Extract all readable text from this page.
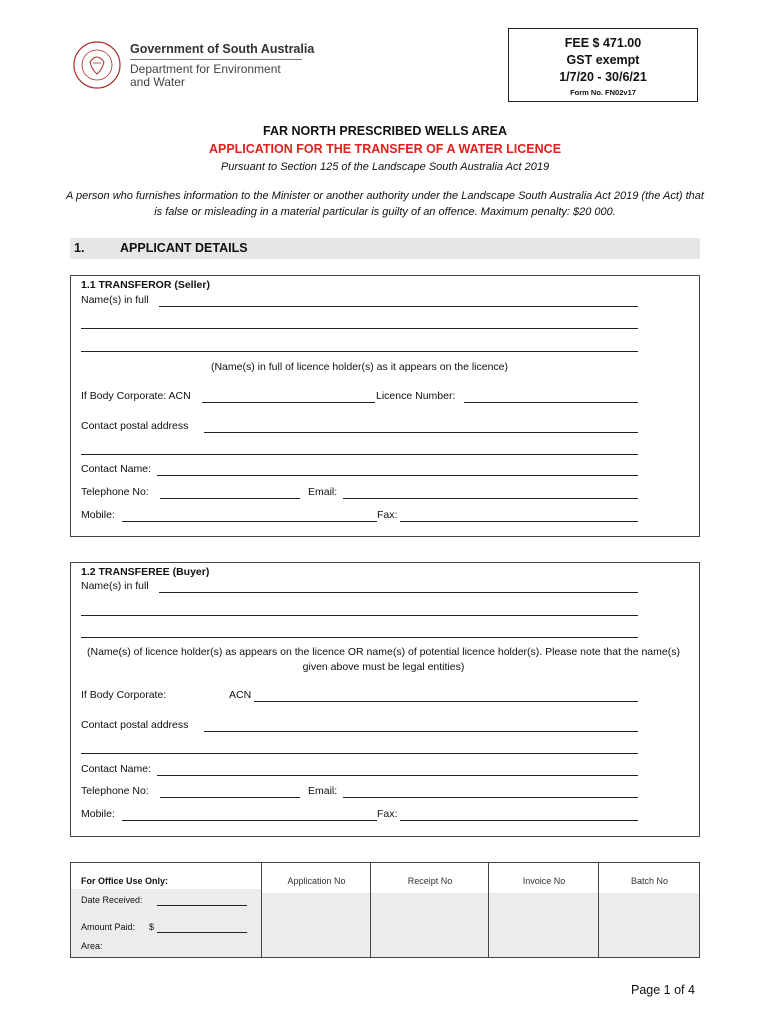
Government of South Australia
Department for Environment and Water
FEE $ 471.00
GST exempt
1/7/20 - 30/6/21
Form No. FN02v17
FAR NORTH PRESCRIBED WELLS AREA
APPLICATION FOR THE TRANSFER OF A WATER LICENCE
Pursuant to Section 125 of the Landscape South Australia Act 2019
A person who furnishes information to the Minister or another authority under the Landscape South Australia Act 2019 (the Act) that is false or misleading in a material particular is guilty of an offence. Maximum penalty: $20 000.
1.	APPLICANT DETAILS
1.1 TRANSFEROR (Seller)
Name(s) in full
(Name(s) in full of licence holder(s) as it appears on the licence)
If Body Corporate: ACN	Licence Number:
Contact postal address
Contact Name:
Telephone No:	Email:
Mobile:	Fax:
1.2 TRANSFEREE (Buyer)
Name(s) in full
(Name(s) of licence holder(s) as appears on the licence OR name(s) of potential licence holder(s). Please note that the name(s) given above must be legal entities)
If Body Corporate:	ACN
Contact postal address
Contact Name:
Telephone No:	Email:
Mobile:	Fax:
For Office Use Only:
Date Received:
Amount Paid: $
Area:
Application No	Receipt No	Invoice No	Batch No
Page 1 of 4
